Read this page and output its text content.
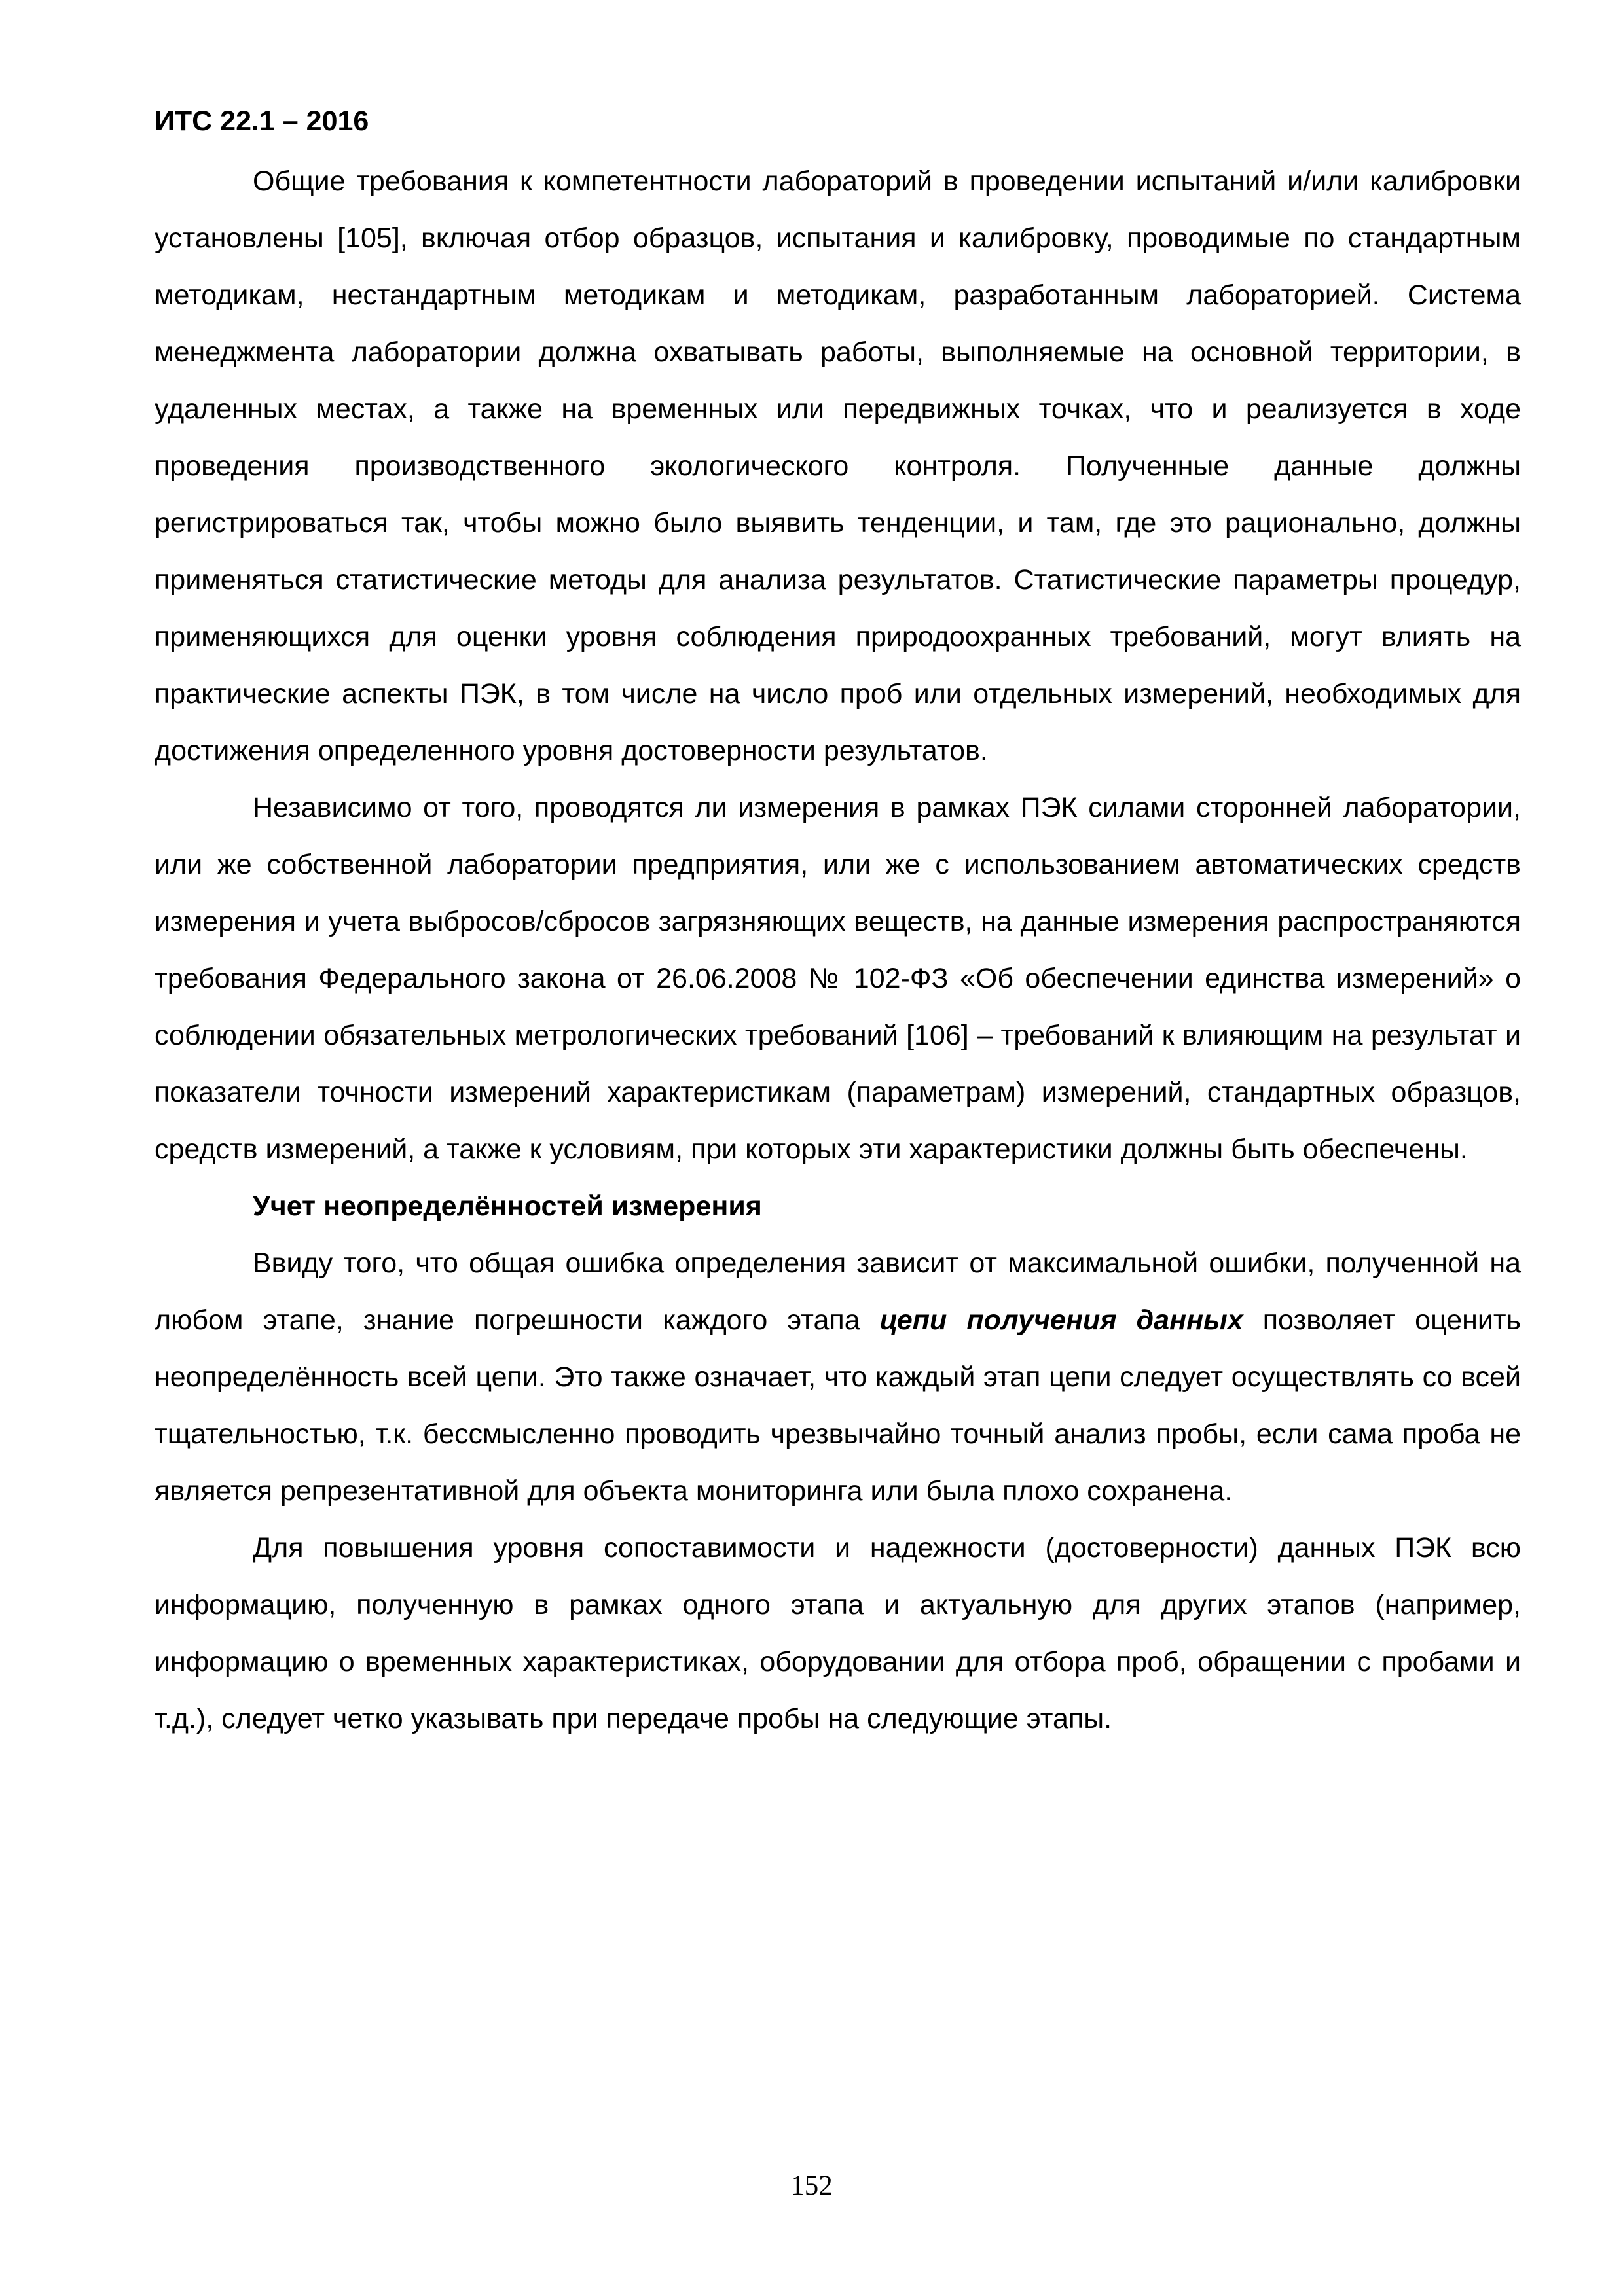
ИТС 22.1 – 2016

Общие требования к компетентности лабораторий в проведении испытаний и/или калибровки установлены [105], включая отбор образцов, испытания и калибровку, проводимые по стандартным методикам, нестандартным методикам и методикам, разработанным лабораторией. Система менеджмента лаборатории должна охватывать работы, выполняемые на основной территории, в удаленных местах, а также на временных или передвижных точках, что и реализуется в ходе проведения производственного экологического контроля. Полученные данные должны регистрироваться так, чтобы можно было выявить тенденции, и там, где это рационально, должны применяться статистические методы для анализа результатов. Статистические параметры процедур, применяющихся для оценки уровня соблюдения природоохранных требований, могут влиять на практические аспекты ПЭК, в том числе на число проб или отдельных измерений, необходимых для достижения определенного уровня достоверности результатов.

Независимо от того, проводятся ли измерения в рамках ПЭК силами сторонней лаборатории, или же собственной лаборатории предприятия, или же с использованием автоматических средств измерения и учета выбросов/сбросов загрязняющих веществ, на данные измерения распространяются требования Федерального закона от 26.06.2008 № 102-ФЗ «Об обеспечении единства измерений» о соблюдении обязательных метрологических требований [106] – требований к влияющим на результат и показатели точности измерений характеристикам (параметрам) измерений, стандартных образцов, средств измерений, а также к условиям, при которых эти характеристики должны быть обеспечены.

Учет неопределённостей измерения

Ввиду того, что общая ошибка определения зависит от максимальной ошибки, полученной на любом этапе, знание погрешности каждого этапа цепи получения данных позволяет оценить неопределённость всей цепи. Это также означает, что каждый этап цепи следует осуществлять со всей тщательностью, т.к. бессмысленно проводить чрезвычайно точный анализ пробы, если сама проба не является репрезентативной для объекта мониторинга или была плохо сохранена.

Для повышения уровня сопоставимости и надежности (достоверности) данных ПЭК всю информацию, полученную в рамках одного этапа и актуальную для других этапов (например, информацию о временных характеристиках, оборудовании для отбора проб, обращении с пробами и т.д.), следует четко указывать при передаче пробы на следующие этапы.

152
